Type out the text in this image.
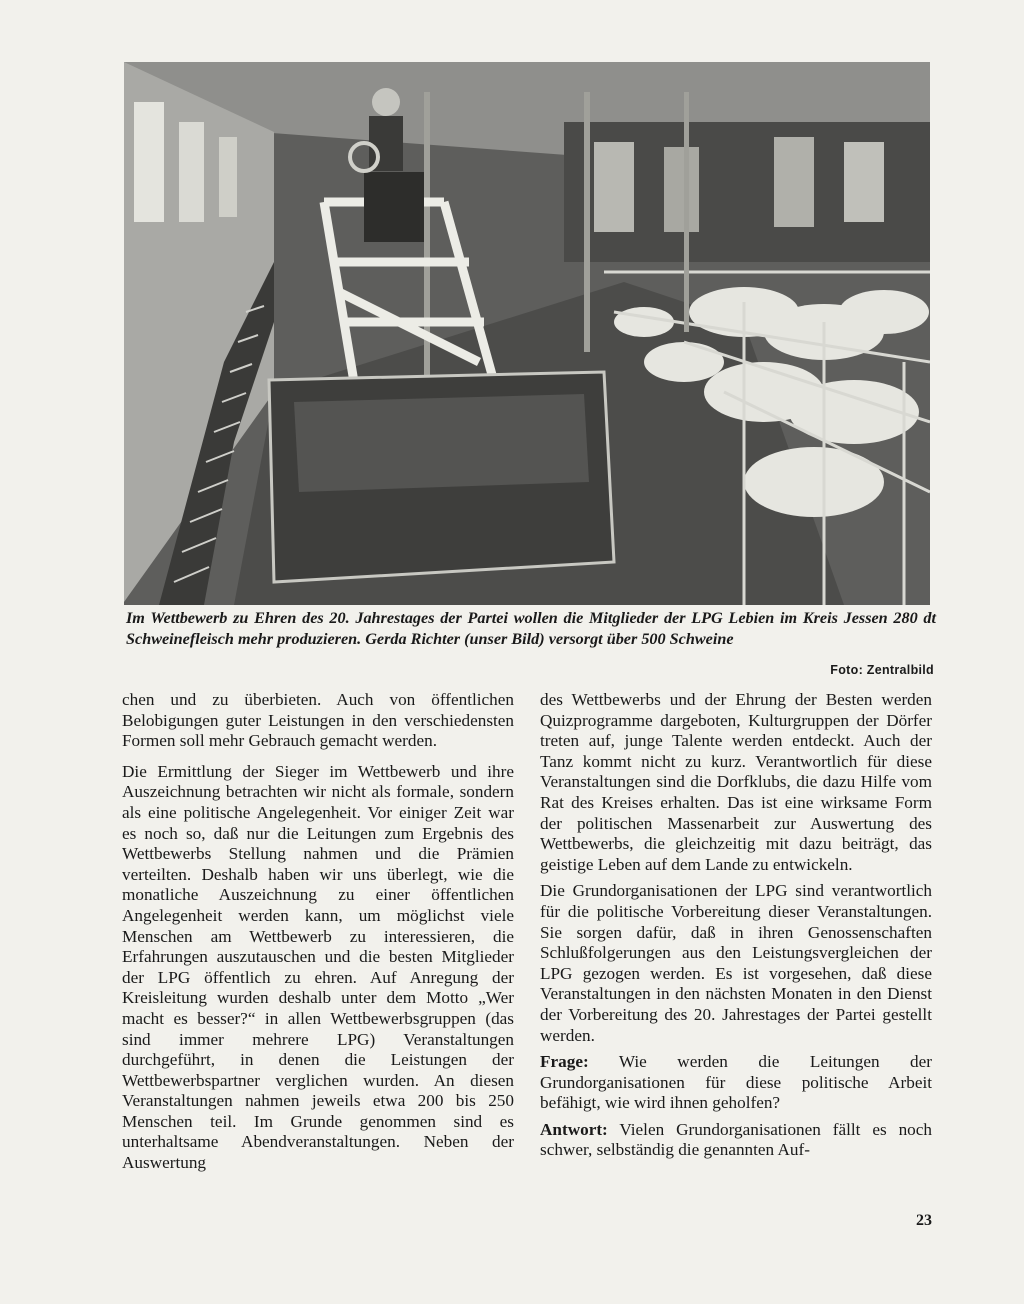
Im Wettbewerb zu Ehren des 20. Jahrestages der Partei wollen die Mitglieder der LPG Lebien im Kreis Jessen 280 dt Schweinefleisch mehr produzieren. Gerda Richter (unser Bild) versorgt über 500 Schweine
Foto: Zentralbild

chen und zu überbieten. Auch von öffentlichen Belobigungen guter Leistungen in den verschiedensten Formen soll mehr Gebrauch gemacht werden.

Die Ermittlung der Sieger im Wettbewerb und ihre Auszeichnung betrachten wir nicht als formale, sondern als eine politische Angelegenheit. Vor einiger Zeit war es noch so, daß nur die Leitungen zum Ergebnis des Wettbewerbs Stellung nahmen und die Prämien verteilten. Deshalb haben wir uns überlegt, wie die monatliche Auszeichnung zu einer öffentlichen Angelegenheit werden kann, um möglichst viele Menschen am Wettbewerb zu interessieren, die Erfahrungen auszutauschen und die besten Mitglieder der LPG öffentlich zu ehren. Auf Anregung der Kreisleitung wurden deshalb unter dem Motto „Wer macht es besser?“ in allen Wettbewerbsgruppen (das sind immer mehrere LPG) Veranstaltungen durchgeführt, in denen die Leistungen der Wettbewerbspartner verglichen wurden. An diesen Veranstaltungen nahmen jeweils etwa 200 bis 250 Menschen teil. Im Grunde genommen sind es unterhaltsame Abendveranstaltungen. Neben der Auswertung

des Wettbewerbs und der Ehrung der Besten werden Quizprogramme dargeboten, Kulturgruppen der Dörfer treten auf, junge Talente werden entdeckt. Auch der Tanz kommt nicht zu kurz. Verantwortlich für diese Veranstaltungen sind die Dorfklubs, die dazu Hilfe vom Rat des Kreises erhalten. Das ist eine wirksame Form der politischen Massenarbeit zur Auswertung des Wettbewerbs, die gleichzeitig mit dazu beiträgt, das geistige Leben auf dem Lande zu entwickeln.

Die Grundorganisationen der LPG sind verantwortlich für die politische Vorbereitung dieser Veranstaltungen. Sie sorgen dafür, daß in ihren Genossenschaften Schlußfolgerungen aus den Leistungsvergleichen der LPG gezogen werden. Es ist vorgesehen, daß diese Veranstaltungen in den nächsten Monaten in den Dienst der Vorbereitung des 20. Jahrestages der Partei gestellt werden.

Frage: Wie werden die Leitungen der Grundorganisationen für diese politische Arbeit befähigt, wie wird ihnen geholfen?

Antwort: Vielen Grundorganisationen fällt es noch schwer, selbständig die genannten Auf-

23
